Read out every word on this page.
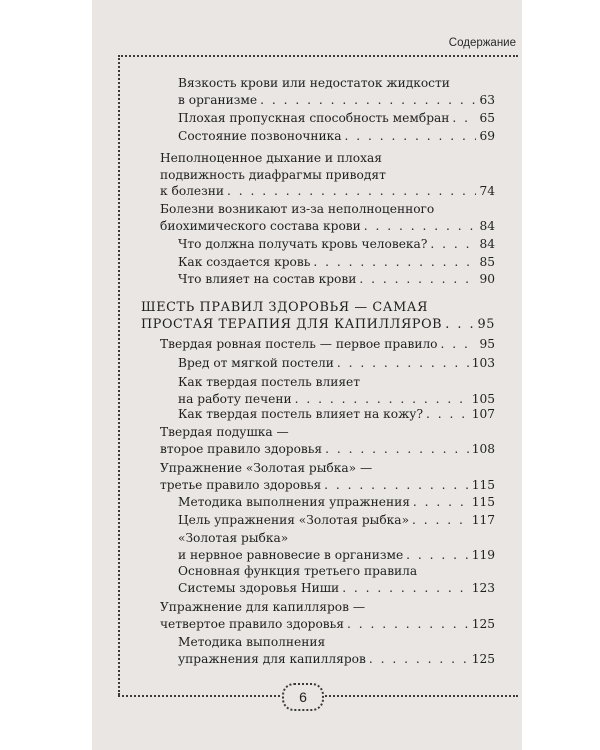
Содержание
6
Вязкость крови или недостаток жидкости
в организме . . .	63
Плохая пропускная способность мембран . . . 65
Состояние позвоночника . . .	69
Неполноценное дыхание и плохая
подвижность диафрагмы приводят
к болезни . . .	74
Болезни возникают из-за неполноценного
биохимического состава крови . . .	84
Что должна получать кровь человека? . . .	84
Как создается кровь . . .	85
Что влияет на состав крови . . .	90
ШЕСТЬ ПРАВИЛ ЗДОРОВЬЯ — САМАЯ
ПРОСТАЯ ТЕРАПИЯ ДЛЯ КАПИЛЛЯРОВ . . .	95
Твердая ровная постель — первое правило . . .	95
Вред от мягкой постели . . .	103
Как твердая постель влияет
на работу печени . . .	105
Как твердая постель влияет на кожу? . . .	107
Твердая подушка —
второе правило здоровья . . .	108
Упражнение «Золотая рыбка» —
третье правило здоровья . . .	115
Методика выполнения упражнения . . .	115
Цель упражнения «Золотая рыбка» . . .	117
«Золотая рыбка»
и нервное равновесие в организме . . .	119
Основная функция третьего правила
Системы здоровья Ниши . . .	123
Упражнение для капилляров —
четвертое правило здоровья . . .	125
Методика выполнения
упражнения для капилляров . . .	125
